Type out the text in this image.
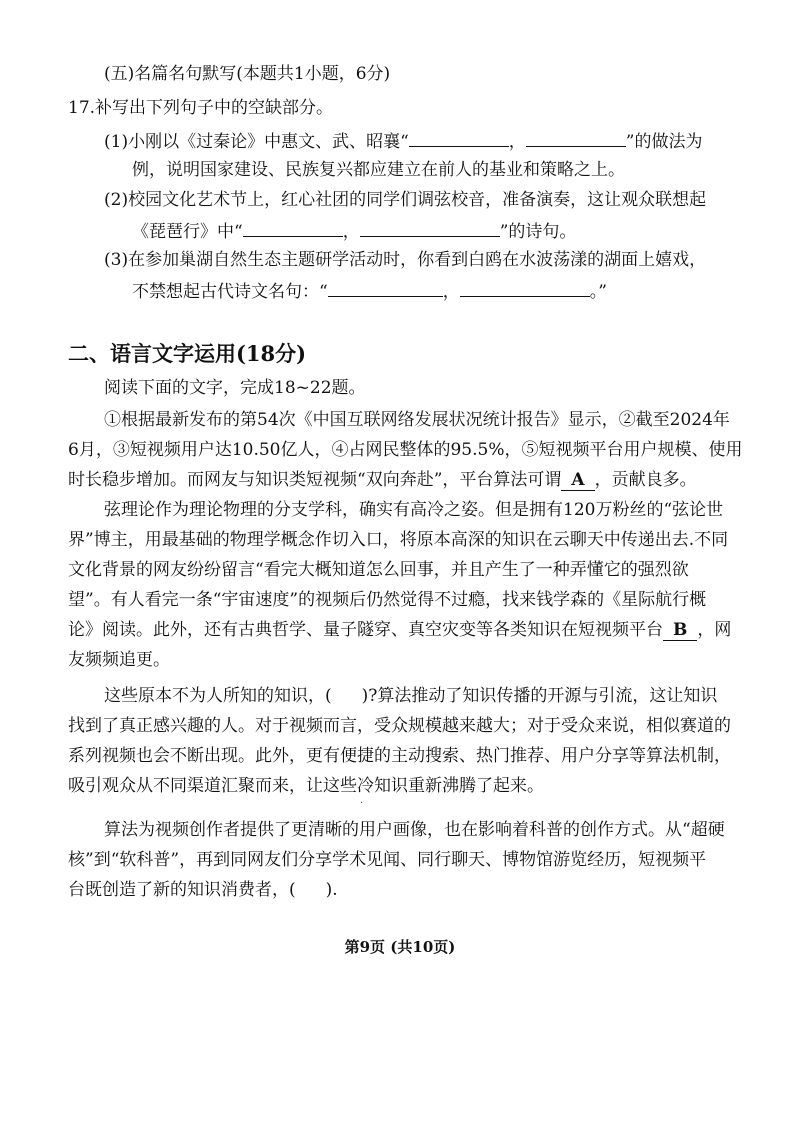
(五)名篇名句默写(本题共1小题，6分)
17.补写出下列句子中的空缺部分。
(1)小刚以《过秦论》中惠文、武、昭襄“	，	”的做法为
例，说明国家建设、民族复兴都应建立在前人的基业和策略之上。
(2)校园文化艺术节上，红心社团的同学们调弦校音，准备演奏，这让观众联想起
《琵琶行》中“	，	”的诗句。
(3)在参加巢湖自然生态主题研学活动时，你看到白鸥在水波荡漾的湖面上嬉戏，
不禁想起古代诗文名句：“	，	。”
二、语言文字运用(18分)
阅读下面的文字，完成18~22题。
①根据最新发布的第54次《中国互联网络发展状况统计报告》显示，②截至2024年
6月，③短视频用户达10.50亿人，④占网民整体的95.5%，⑤短视频平台用户规模、使用
时长稳步增加。而网友与知识类短视频“双向奔赴”，平台算法可谓 A ，贡献良多。
弦理论作为理论物理的分支学科，确实有高冷之姿。但是拥有120万粉丝的“弦论世
界”博主，用最基础的物理学概念作切入口，将原本高深的知识在云聊天中传递出去.不同
文化背景的网友纷纷留言“看完大概知道怎么回事，并且产生了一种弄懂它的强烈欲
望”。有人看完一条“宇宙速度”的视频后仍然觉得不过瘾，找来钱学森的《星际航行概
论》阅读。此外，还有古典哲学、量子隧穿、真空灾变等各类知识在短视频平台 B ，网
友频频追更。
这些原本不为人所知的知识，( )?算法推动了知识传播的开源与引流，这让知识
找到了真正感兴趣的人。对于视频而言，受众规模越来越大；对于受众来说，相似赛道的
系列视频也会不断出现。此外，更有便捷的主动搜索、热门推荐、用户分享等算法机制，
吸引观众从不同渠道汇聚而来，让这些冷知识重新沸腾了起来。
·
算法为视频创作者提供了更清晰的用户画像，也在影响着科普的创作方式。从“超硬
核”到“软科普”，再到同网友们分享学术见闻、同行聊天、博物馆游览经历，短视频平
台既创造了新的知识消费者，( ).
第9页 (共10页)
